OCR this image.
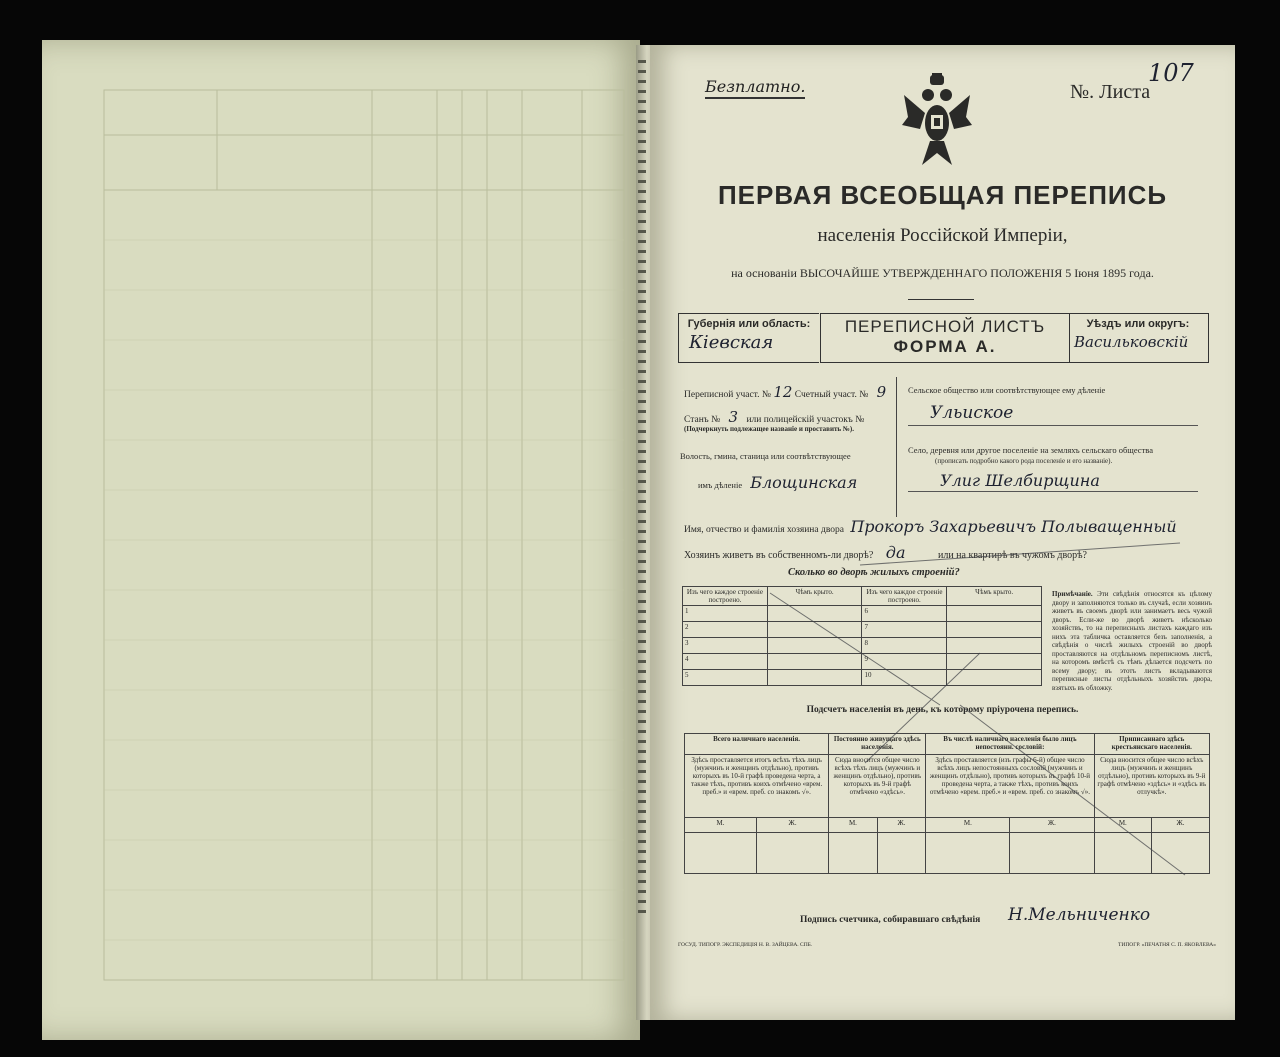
Безплатно.	№. Листа
107
ПЕРВАЯ ВСЕОБЩАЯ ПЕРЕПИСЬ
населенія Россійской Имперіи,
на основаніи ВЫСОЧАЙШЕ УТВЕРЖДЕННАГО ПОЛОЖЕНІЯ 5 Іюня 1895 года.
Губернія или область:
Кіевская
ПЕРЕПИСНОЙ ЛИСТЪ
ФОРМА А.
Уѣздъ или округъ:
Васильковскій
Переписной участ. № 12 Счетный участ. № 9
Станъ № 3 или полицейскій участокъ №
(Подчеркнуть подлежащее названіе и проставить №).
Волость, гмина, станица или соотвѣтствующее
имъ дѣленіе Блощинская
Сельское общество или соотвѣтствующее ему дѣленіе
Ульиское
Село, деревня или другое поселеніе на земляхъ сельскаго общества
(прописать подробно какого рода поселеніе и его названіе).
Улиг Шелбирщина
Имя, отчество и фамилія хозяина двора Прокоръ Захарьевичъ Полыващенный
Хозяинъ живетъ въ собственномъ-ли дворѣ? да	или на квартирѣ въ чужомъ дворѣ?
Сколько во дворѣ жилыхъ строеній?
Изъ чего каждое строеніе построено.	Чѣмъ крыто.	Изъ чего каждое строеніе построено.	Чѣмъ крыто.
1		6	
2		7	
3		8	
4		9	
5		10	
Примѣчаніе. Эти свѣдѣнія относятся къ цѣлому двору и заполняются только въ случаѣ, если хозяинъ живетъ въ своемъ дворѣ или занимаетъ весь чужой дворъ. Если-же во дворѣ живетъ нѣсколько хозяйствъ, то на переписныхъ листахъ каждаго изъ нихъ эта табличка оставляется безъ заполненія, а свѣдѣнія о числѣ жилыхъ строеній во дворѣ проставляются на отдѣльномъ переписномъ листѣ, на которомъ вмѣстѣ съ тѣмъ дѣлается подсчетъ по всему двору; въ этотъ листъ вкладываются переписные листы отдѣльныхъ хозяйствъ двора, взятыхъ въ обложку.
Подсчетъ населенія въ день, къ которому пріурочена перепись.
Всего наличнаго населенія.		Постоянно живущаго здѣсь населенія.		Въ числѣ наличнаго населенія было лицъ непостоянн. сословій:		Приписаннаго здѣсь крестьянскаго населенія.	
Здѣсь проставляется итогъ всѣхъ тѣхъ лицъ (мужчинъ и женщинъ отдѣльно), противъ которыхъ въ 10-й графѣ проведена черта, а также тѣхъ, противъ коихъ отмѣчено «врем. преб.» и «врем. преб. со знакомъ √».		Сюда вносится общее число всѣхъ тѣхъ лицъ (мужчинъ и женщинъ отдѣльно), противъ которыхъ въ 9-й графѣ отмѣчено «здѣсь».		Здѣсь проставляется (изъ графы 6-й) общее число всѣхъ лицъ непостоянныхъ сословій (мужчинъ и женщинъ отдѣльно), противъ которыхъ въ графѣ 10-й проведена черта, а также тѣхъ, противъ коихъ отмѣчено «врем. преб.» и «врем. преб. со знакомъ √».		Сюда вносится общее число всѣхъ лицъ (мужчинъ и женщинъ отдѣльно), противъ которыхъ въ 9-й графѣ отмѣчено «здѣсь» и «здѣсь въ отлучкѣ».	
М.	Ж.	М.	Ж.	М.	Ж.	М.	Ж.

Подпись счетчика, собиравшаго свѣдѣнія Н.Мельниченко
ГОСУД. ТИПОГР. ЭКСПЕДИЦІЯ Н. В. ЗАЙЦЕВА. СПБ.	ТИПОГР. «ПЕЧАТНЯ С. П. ЯКОВЛЕВА»
